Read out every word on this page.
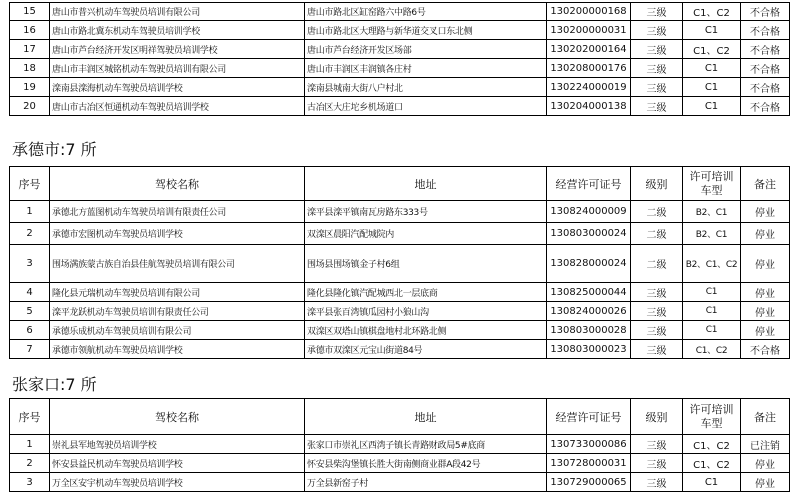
15	唐山市普兴机动车驾驶员培训有限公司	唐山市路北区缸窑路六中路6号	130200000168	三级	C1、C2	不合格
16	唐山市路北冀东机动车驾驶员培训学校	唐山市路北区大理路与新华道交叉口东北侧	130200000031	三级	C1	不合格
17	唐山市芦台经济开发区明祥驾驶员培训学校	唐山市芦台经济开发区场部	130202000164	三级	C1、C2	不合格
18	唐山市丰润区城铭机动车驾驶员培训有限公司	唐山市丰润区丰润镇各庄村	130208000176	三级	C1	不合格
19	滦南县滦海机动车驾驶员培训学校	滦南县城南大街八户村北	130224000019	三级	C1	不合格
20	唐山市古冶区恒通机动车驾驶员培训学校	古冶区大庄坨乡机场道口	130204000138	三级	C1	不合格
承德市:7 所
序号	驾校名称	地址	经营许可证号	级别	许可培训车型	备注
1	承德北方蓝图机动车驾驶员培训有限责任公司	滦平县滦平镇南瓦房路东333号	130824000009	二级	B2、C1	停业
2	承德市宏图机动车驾驶员培训学校	双滦区晨阳汽配城院内	130803000024	二级	B2、C1	停业
3	围场满族蒙古族自治县佳航驾驶员培训有限公司	围场县围场镇金子村6组	130828000024	二级	B2、C1、C2	停业
4	隆化县元瑞机动车驾驶员培训有限公司	隆化县隆化镇汽配城西北一层底商	130825000044	三级	C1	停业
5	滦平龙跃机动车驾驶员培训有限责任公司	滦平县张百湾镇瓜园村小狼山沟	130824000026	三级	C1	停业
6	承德乐成机动车驾驶员培训有限公司	双滦区双塔山镇棋盘地村北环路北侧	130803000028	三级	C1	停业
7	承德市领航机动车驾驶员培训学校	承德市双滦区元宝山街道84号	130803000023	三级	C1、C2	不合格
张家口:7 所
序号	驾校名称	地址	经营许可证号	级别	许可培训车型	备注
1	崇礼县军地驾驶员培训学校	张家口市崇礼区西湾子镇长青路财政局5#底商	130733000086	三级	C1、C2	已注销
2	怀安县益民机动车驾驶员培训学校	怀安县柴沟堡镇长胜大街南侧商业群A段42号	130728000031	三级	C1、C2	停业
3	万全区安宇机动车驾驶员培训学校	万全县新窑子村	130729000065	三级	C1	停业
